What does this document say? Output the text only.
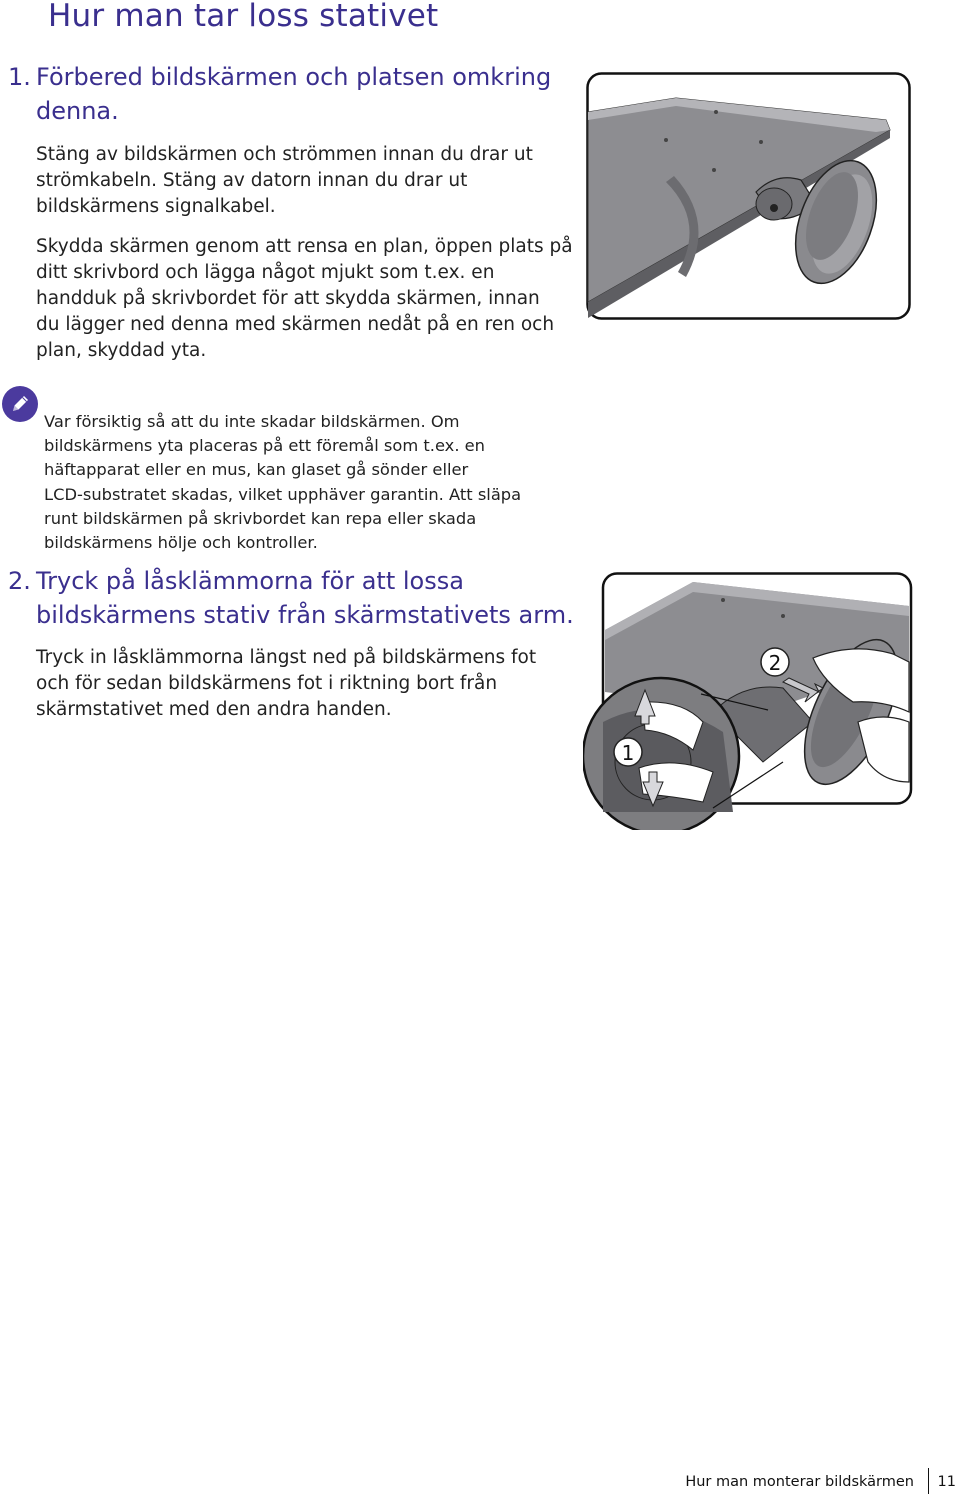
Hur man tar loss stativet
1. Förbered bildskärmen och platsen omkring
denna.
Stäng av bildskärmen och strömmen innan du drar ut
strömkabeln. Stäng av datorn innan du drar ut
bildskärmens signalkabel.
Skydda skärmen genom att rensa en plan, öppen plats på
ditt skrivbord och lägga något mjukt som t.ex. en
handduk på skrivbordet för att skydda skärmen, innan
du lägger ned denna med skärmen nedåt på en ren och
plan, skyddad yta.
Var försiktig så att du inte skadar bildskärmen. Om
bildskärmens yta placeras på ett föremål som t.ex. en
häftapparat eller en mus, kan glaset gå sönder eller
LCD-substratet skadas, vilket upphäver garantin. Att släpa
runt bildskärmen på skrivbordet kan repa eller skada
bildskärmens hölje och kontroller.
2. Tryck på låsklämmorna för att lossa
bildskärmens stativ från skärmstativets arm.
Tryck in låsklämmorna längst ned på bildskärmens fot
och för sedan bildskärmens fot i riktning bort från
skärmstativet med den andra handen.
2
1
Hur man monterar bildskärmen 11
